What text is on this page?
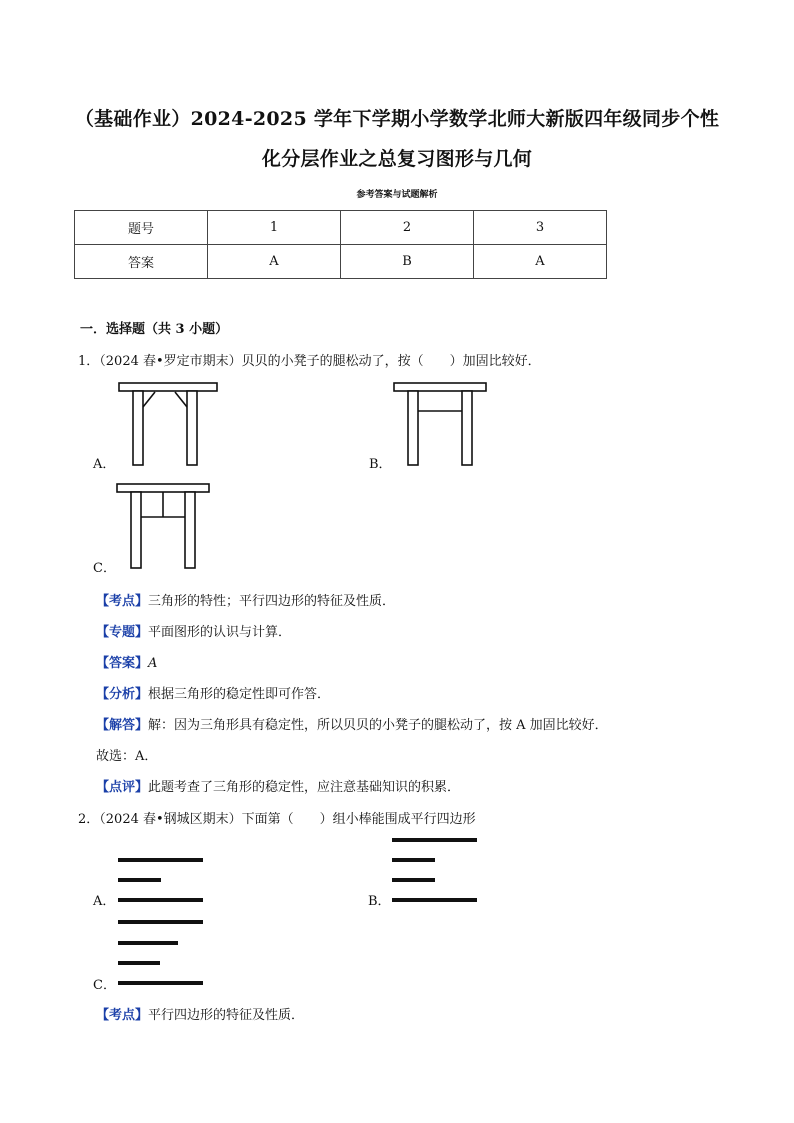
（基础作业）2024-2025 学年下学期小学数学北师大新版四年级同步个性
化分层作业之总复习图形与几何
参考答案与试题解析
题号	1	2	3
答案	A	B	A
一．选择题（共 3 小题）
1．（2024 春•罗定市期末）贝贝的小凳子的腿松动了，按（　　）加固比较好．
A．	B．
C．
【考点】三角形的特性；平行四边形的特征及性质．
【专题】平面图形的认识与计算．
【答案】A
【分析】根据三角形的稳定性即可作答．
【解答】解：因为三角形具有稳定性，所以贝贝的小凳子的腿松动了，按 A 加固比较好．
故选：A．
【点评】此题考查了三角形的稳定性，应注意基础知识的积累．
2．（2024 春•钢城区期末）下面第（　　）组小棒能围成平行四边形
A．	B．
C．
【考点】平行四边形的特征及性质．
